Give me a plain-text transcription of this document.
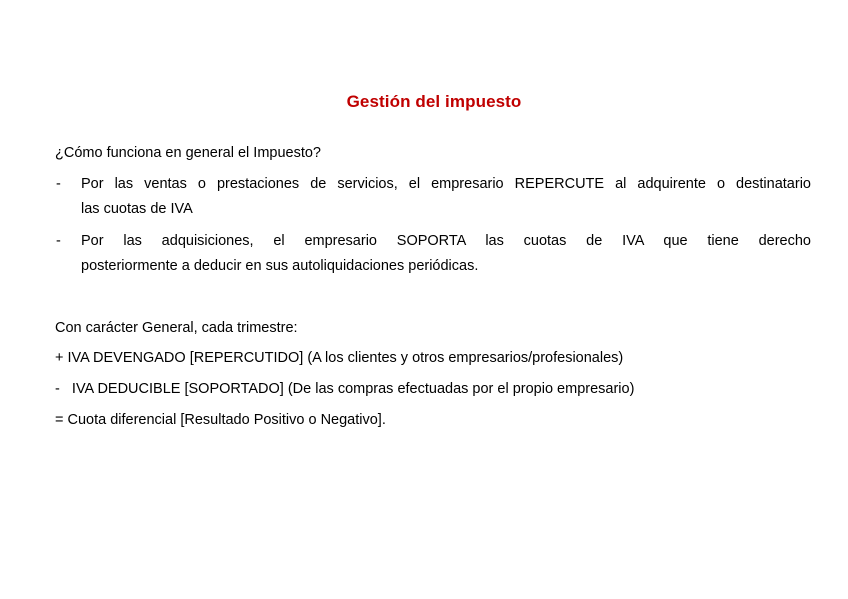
Gestión del impuesto
¿Cómo funciona en general el Impuesto?
- Por las ventas o prestaciones de servicios, el empresario REPERCUTE al adquirente o destinatario
las cuotas de IVA
- Por las adquisiciones, el empresario SOPORTA las cuotas de IVA que tiene derecho
posteriormente a deducir en sus autoliquidaciones periódicas.
Con carácter General, cada trimestre:
+ IVA DEVENGADO [REPERCUTIDO] (A los clientes y otros empresarios/profesionales)
-   IVA DEDUCIBLE [SOPORTADO] (De las compras efectuadas por el propio empresario)
= Cuota diferencial [Resultado Positivo o Negativo].
